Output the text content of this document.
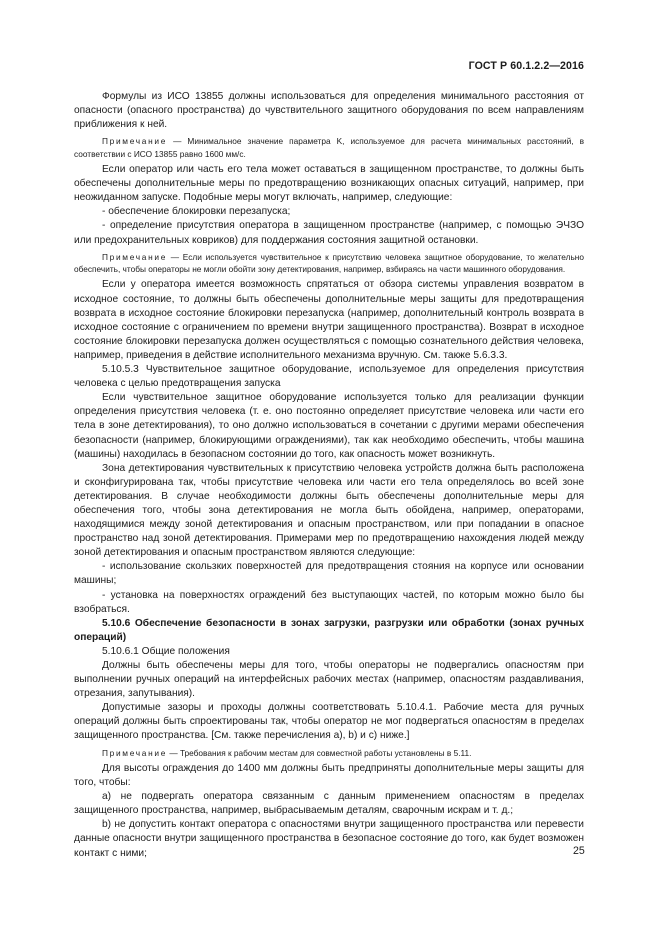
ГОСТ Р 60.1.2.2—2016

Формулы из ИСО 13855 должны использоваться для определения минимального расстояния от опасности (опасного пространства) до чувствительного защитного оборудования по всем направлениям приближения к ней.

Примечание — Минимальное значение параметра K, используемое для расчета минимальных расстояний, в соответствии с ИСО 13855 равно 1600 мм/с.

Если оператор или часть его тела может оставаться в защищенном пространстве, то должны быть обеспечены дополнительные меры по предотвращению возникающих опасных ситуаций, например, при неожиданном запуске. Подобные меры могут включать, например, следующие:

- обеспечение блокировки перезапуска;

- определение присутствия оператора в защищенном пространстве (например, с помощью ЭЧЗО или предохранительных ковриков) для поддержания состояния защитной остановки.

Примечание — Если используется чувствительное к присутствию человека защитное оборудование, то желательно обеспечить, чтобы операторы не могли обойти зону детектирования, например, взбираясь на части машинного оборудования.

Если у оператора имеется возможность спрятаться от обзора системы управления возвратом в исходное состояние, то должны быть обеспечены дополнительные меры защиты для предотвращения возврата в исходное состояние блокировки перезапуска (например, дополнительный контроль возврата в исходное состояние с ограничением по времени внутри защищенного пространства). Возврат в исходное состояние блокировки перезапуска должен осуществляться с помощью сознательного действия человека, например, приведения в действие исполнительного механизма вручную. См. также 5.6.3.3.

5.10.5.3 Чувствительное защитное оборудование, используемое для определения присутствия человека с целью предотвращения запуска

Если чувствительное защитное оборудование используется только для реализации функции определения присутствия человека (т. е. оно постоянно определяет присутствие человека или части его тела в зоне детектирования), то оно должно использоваться в сочетании с другими мерами обеспечения безопасности (например, блокирующими ограждениями), так как необходимо обеспечить, чтобы машина (машины) находилась в безопасном состоянии до того, как опасность может возникнуть.

Зона детектирования чувствительных к присутствию человека устройств должна быть расположена и сконфигурирована так, чтобы присутствие человека или части его тела определялось во всей зоне детектирования. В случае необходимости должны быть обеспечены дополнительные меры для обеспечения того, чтобы зона детектирования не могла быть обойдена, например, операторами, находящимися между зоной детектирования и опасным пространством, или при попадании в опасное пространство над зоной детектирования. Примерами мер по предотвращению нахождения людей между зоной детектирования и опасным пространством являются следующие:

- использование скользких поверхностей для предотвращения стояния на корпусе или основании машины;

- установка на поверхностях ограждений без выступающих частей, по которым можно было бы взобраться.

5.10.6 Обеспечение безопасности в зонах загрузки, разгрузки или обработки (зонах ручных операций)

5.10.6.1 Общие положения

Должны быть обеспечены меры для того, чтобы операторы не подвергались опасностям при выполнении ручных операций на интерфейсных рабочих местах (например, опасностям раздавливания, отрезания, запутывания).

Допустимые зазоры и проходы должны соответствовать 5.10.4.1. Рабочие места для ручных операций должны быть спроектированы так, чтобы оператор не мог подвергаться опасностям в пределах защищенного пространства. [См. также перечисления а), b) и с) ниже.]

Примечание — Требования к рабочим местам для совместной работы установлены в 5.11.

Для высоты ограждения до 1400 мм должны быть предприняты дополнительные меры защиты для того, чтобы:

а) не подвергать оператора связанным с данным применением опасностям в пределах защищенного пространства, например, выбрасываемым деталям, сварочным искрам и т. д.;

b) не допустить контакт оператора с опасностями внутри защищенного пространства или перевести данные опасности внутри защищенного пространства в безопасное состояние до того, как будет возможен контакт с ними;	25
